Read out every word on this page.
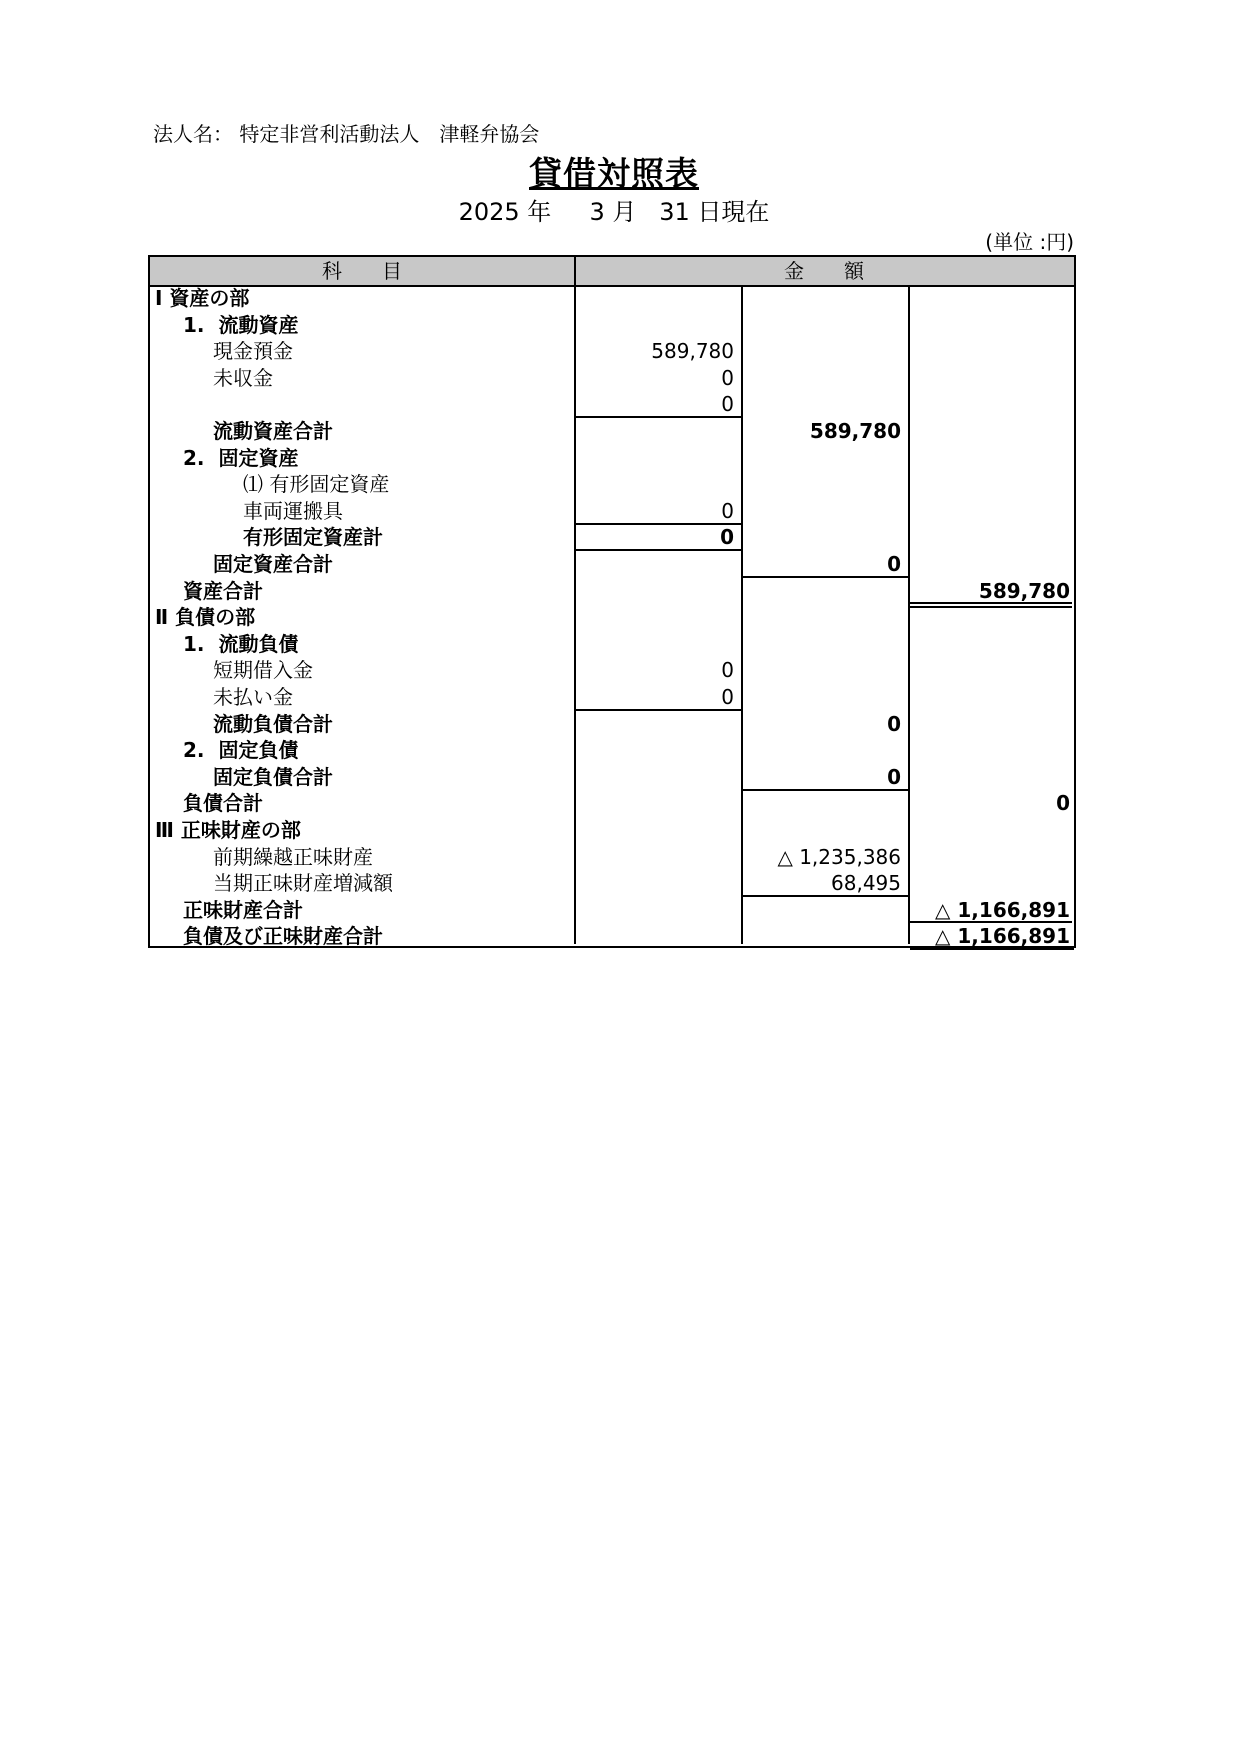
法人名： 特定非営利活動法人　津軽弁協会
貸借対照表
2025 年 3 月 31 日現在
(単位 :円)
科　　目	金　　額
Ⅰ 資産の部
1.  流動資産
現金預金	589,780
未収金	0
0
流動資産合計	589,780
2.  固定資産
⑴ 有形固定資産
車両運搬具	0
有形固定資産計	0
固定資産合計	0
資産合計	589,780
Ⅱ 負債の部
1.  流動負債
短期借入金	0
未払い金	0
流動負債合計	0
2.  固定負債
固定負債合計	0
負債合計	0
Ⅲ 正味財産の部
前期繰越正味財産	△ 1,235,386
当期正味財産増減額	68,495
正味財産合計	△ 1,166,891
負債及び正味財産合計	△ 1,166,891
